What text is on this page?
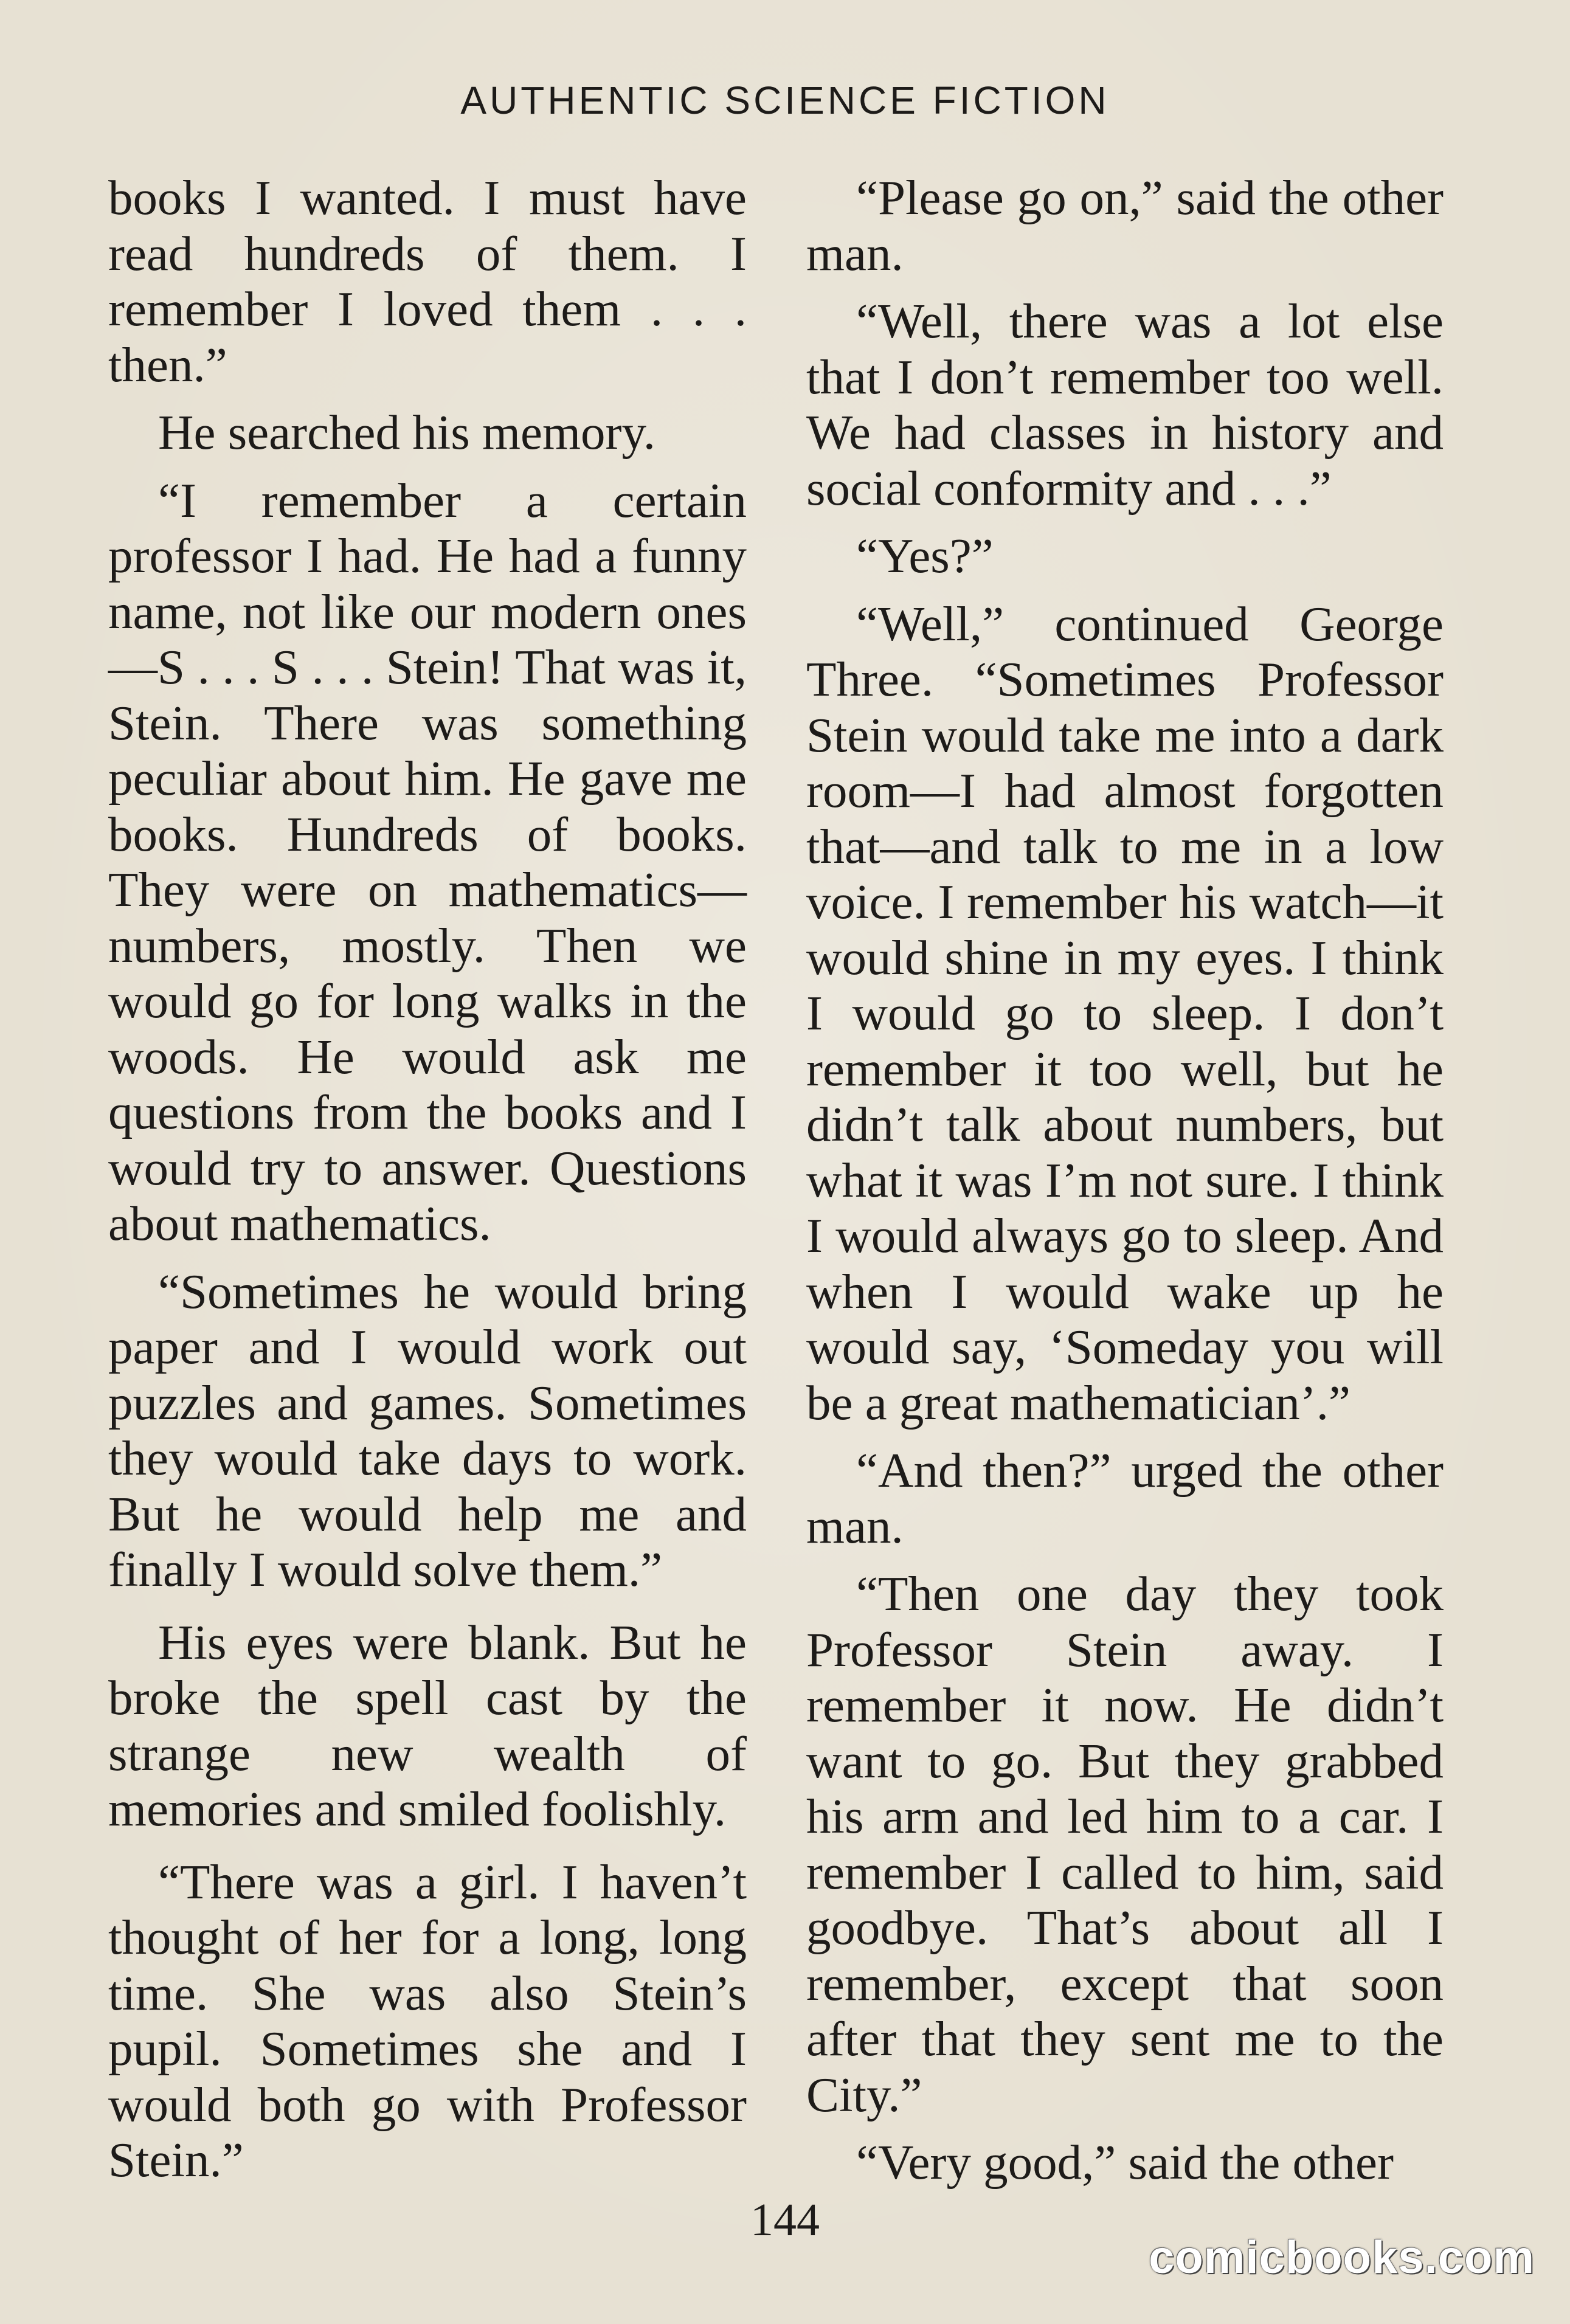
AUTHENTIC SCIENCE FICTION

books I wanted. I must have read hundreds of them. I remember I loved them . . . then.”

He searched his memory.

“I remember a certain professor I had. He had a funny name, not like our modern ones—S . . . S . . . Stein! That was it, Stein. There was something peculiar about him. He gave me books. Hundreds of books. They were on mathematics—numbers, mostly. Then we would go for long walks in the woods. He would ask me questions from the books and I would try to answer. Questions about mathematics.

“Sometimes he would bring paper and I would work out puzzles and games. Sometimes they would take days to work. But he would help me and finally I would solve them.”

His eyes were blank. But he broke the spell cast by the strange new wealth of memories and smiled foolishly.

“There was a girl. I haven’t thought of her for a long, long time. She was also Stein’s pupil. Sometimes she and I would both go with Professor Stein.”

“Please go on,” said the other man.

“Well, there was a lot else that I don’t remember too well. We had classes in history and social conformity and . . .”

“Yes?”

“Well,” continued George Three. “Sometimes Professor Stein would take me into a dark room—I had almost forgotten that—and talk to me in a low voice. I remember his watch—it would shine in my eyes. I think I would go to sleep. I don’t remember it too well, but he didn’t talk about numbers, but what it was I’m not sure. I think I would always go to sleep. And when I would wake up he would say, ‘Someday you will be a great mathematician’.”

“And then?” urged the other man.

“Then one day they took Professor Stein away. I remember it now. He didn’t want to go. But they grabbed his arm and led him to a car. I remember I called to him, said goodbye. That’s about all I remember, except that soon after that they sent me to the City.”

“Very good,” said the other

144
comicbooks.com
